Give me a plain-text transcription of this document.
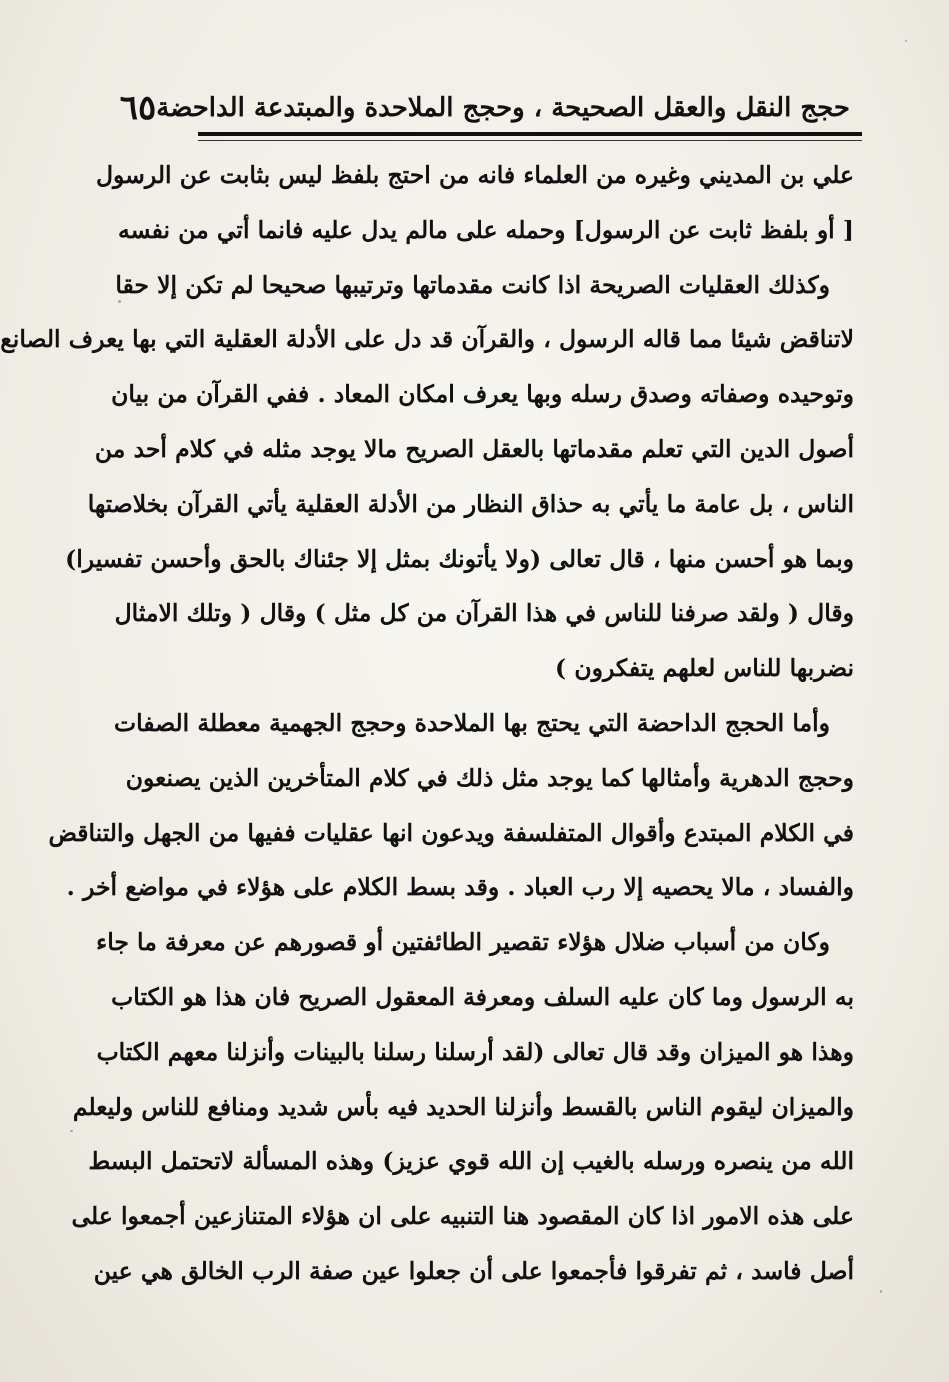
حجج النقل والعقل الصحيحة ، وحجج الملاحدة والمبتدعة الداحضة
٦٥
علي بن المديني وغيره من العلماء فانه من احتج بلفظ ليس بثابت عن الرسول
[ أو بلفظ ثابت عن الرسول] وحمله على مالم يدل عليه فانما أتي من نفسه
وكذلك العقليات الصريحة اذا كانت مقدماتها وترتيبها صحيحا لم تكن إلا حقا
لاتناقض شيئا مما قاله الرسول ، والقرآن قد دل على الأدلة العقلية التي بها يعرف الصانع
وتوحيده وصفاته وصدق رسله وبها يعرف امكان المعاد . ففي القرآن من بيان
أصول الدين التي تعلم مقدماتها بالعقل الصريح مالا يوجد مثله في كلام أحد من
الناس ، بل عامة ما يأتي به حذاق النظار من الأدلة العقلية يأتي القرآن بخلاصتها
وبما هو أحسن منها ، قال تعالى (ولا يأتونك بمثل إلا جئناك بالحق وأحسن تفسيرا)
وقال ( ولقد صرفنا للناس في هذا القرآن من كل مثل ) وقال ( وتلك الامثال
نضربها للناس لعلهم يتفكرون )
وأما الحجج الداحضة التي يحتج بها الملاحدة وحجج الجهمية معطلة الصفات
وحجج الدهرية وأمثالها كما يوجد مثل ذلك في كلام المتأخرين الذين يصنعون
في الكلام المبتدع وأقوال المتفلسفة ويدعون انها عقليات ففيها من الجهل والتناقض
والفساد ، مالا يحصيه إلا رب العباد . وقد بسط الكلام على هؤلاء في مواضع أخر .
وكان من أسباب ضلال هؤلاء تقصير الطائفتين أو قصورهم عن معرفة ما جاء
به الرسول وما كان عليه السلف ومعرفة المعقول الصريح فان هذا هو الكتاب
وهذا هو الميزان وقد قال تعالى (لقد أرسلنا رسلنا بالبينات وأنزلنا معهم الكتاب
والميزان ليقوم الناس بالقسط وأنزلنا الحديد فيه بأس شديد ومنافع للناس وليعلم
الله من ينصره ورسله بالغيب إن الله قوي عزيز) وهذه المسألة لاتحتمل البسط
على هذه الامور اذا كان المقصود هنا التنبيه على ان هؤلاء المتنازعين أجمعوا على
أصل فاسد ، ثم تفرقوا فأجمعوا على أن جعلوا عين صفة الرب الخالق هي عين
